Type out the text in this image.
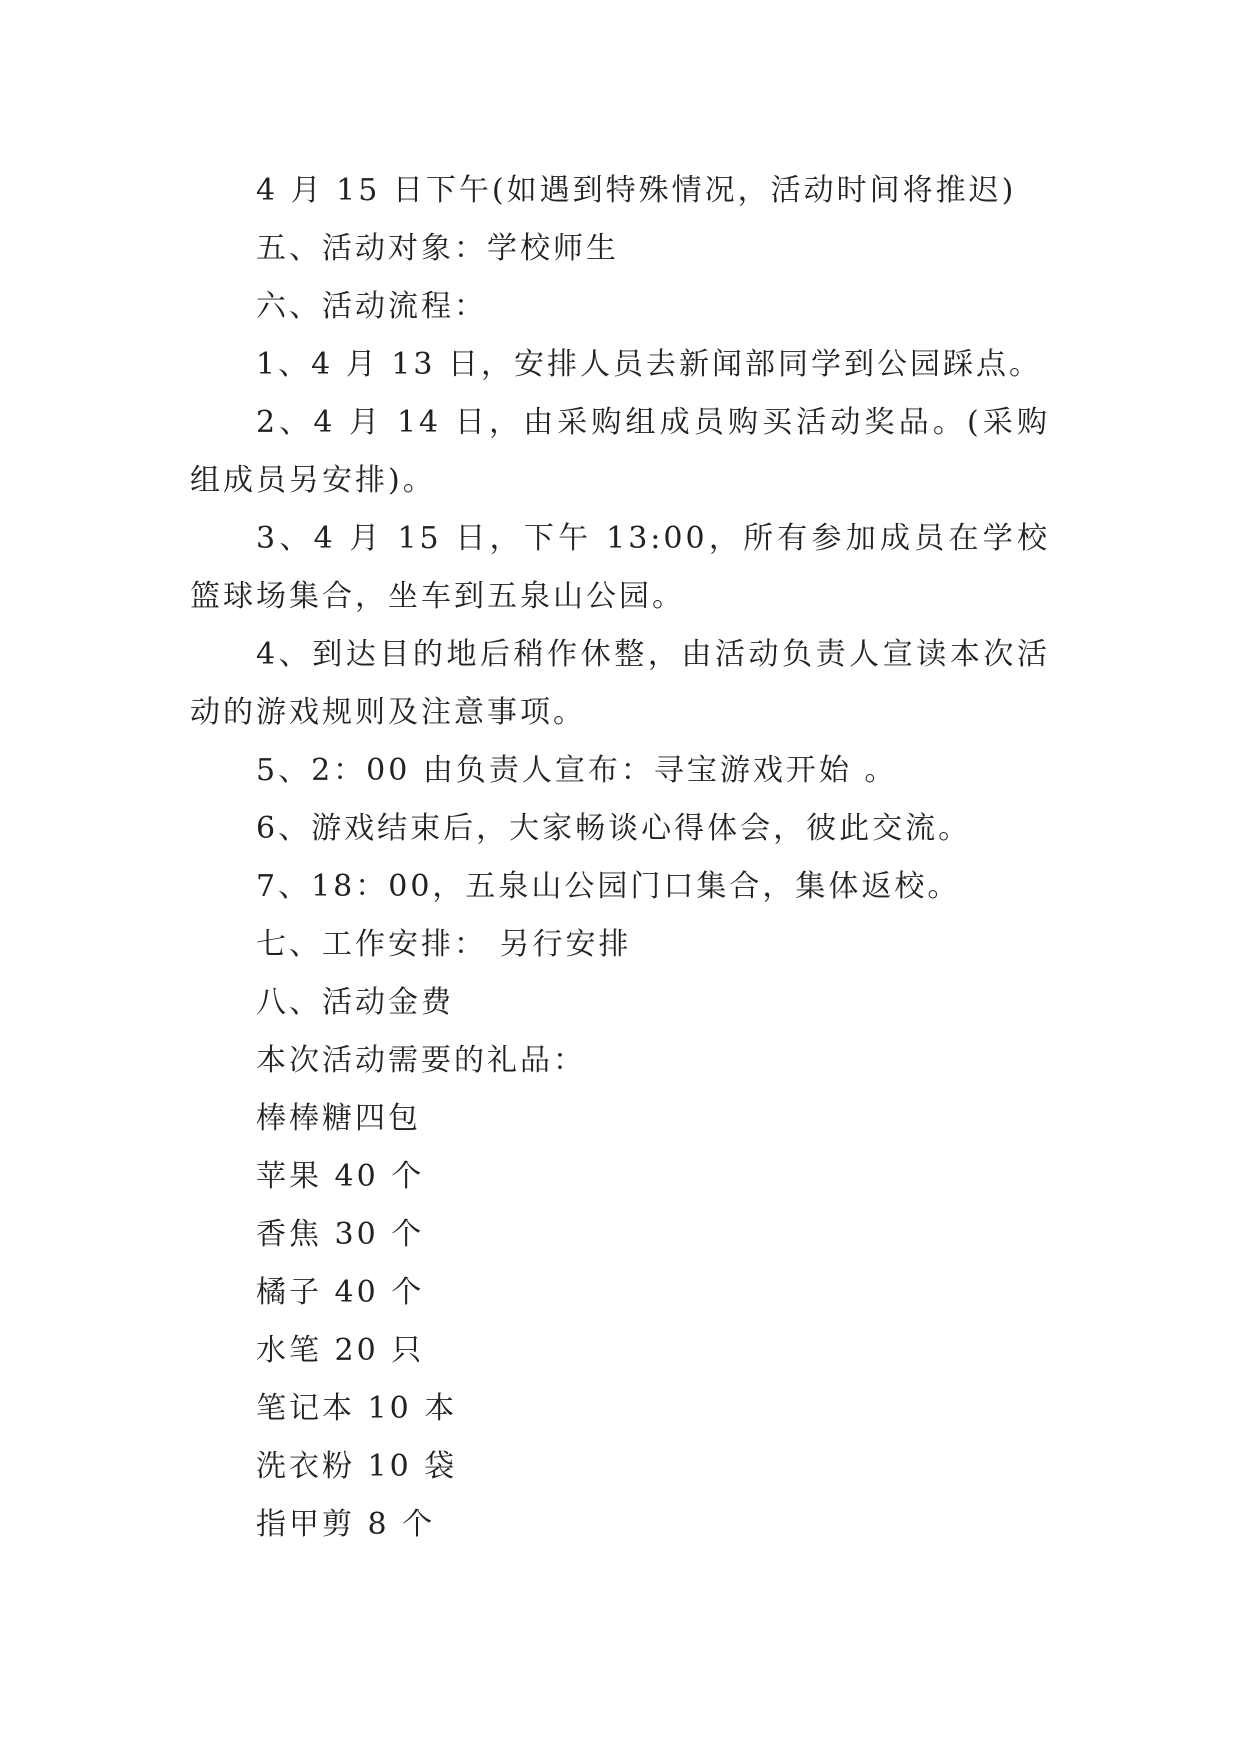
4 月 15 日下午(如遇到特殊情况，活动时间将推迟)

五、活动对象：学校师生

六、活动流程：

1、4 月 13 日，安排人员去新闻部同学到公园踩点。

2、4 月 14 日，由采购组成员购买活动奖品。(采购组成员另安排)。

3、4 月 15 日，下午 13:00，所有参加成员在学校篮球场集合，坐车到五泉山公园。

4、到达目的地后稍作休整，由活动负责人宣读本次活动的游戏规则及注意事项。

5、2：00 由负责人宣布：寻宝游戏开始 。

6、游戏结束后，大家畅谈心得体会，彼此交流。

7、18：00，五泉山公园门口集合，集体返校。

七、工作安排： 另行安排

八、活动金费

本次活动需要的礼品：

棒棒糖四包

苹果 40 个

香焦 30 个

橘子 40 个

水笔 20 只

笔记本 10 本

洗衣粉 10 袋

指甲剪 8 个
